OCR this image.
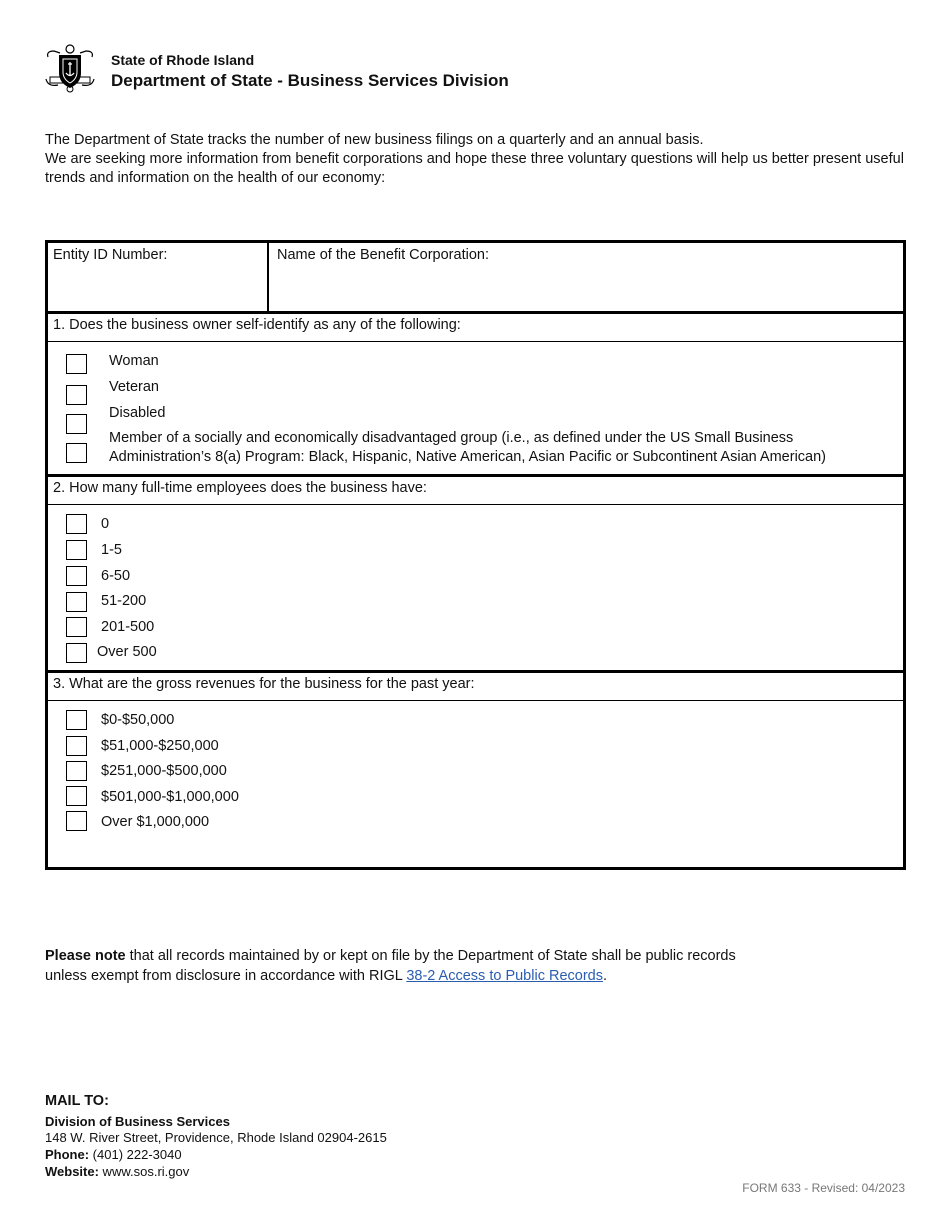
State of Rhode Island
Department of State - Business Services Division
The Department of State tracks the number of new business filings on a quarterly and an annual basis.
We are seeking more information from benefit corporations and hope these three voluntary questions will help us better present useful trends and information on the health of our economy:
Entity ID Number:	Name of the Benefit Corporation:
1. Does the business owner self-identify as any of the following:
Woman
Veteran
Disabled
Member of a socially and economically disadvantaged group (i.e., as defined under the US Small Business Administration’s 8(a) Program: Black, Hispanic, Native American, Asian Pacific or Subcontinent Asian American)
2. How many full-time employees does the business have:
0
1-5
6-50
51-200
201-500
Over 500
3. What are the gross revenues for the business for the past year:
$0-$50,000
$51,000-$250,000
$251,000-$500,000
$501,000-$1,000,000
Over $1,000,000
Please note that all records maintained by or kept on file by the Department of State shall be public records unless exempt from disclosure in accordance with RIGL 38-2 Access to Public Records.
MAIL TO:
Division of Business Services
148 W. River Street, Providence, Rhode Island 02904-2615
Phone: (401) 222-3040
Website: www.sos.ri.gov
FORM 633 - Revised: 04/2023
